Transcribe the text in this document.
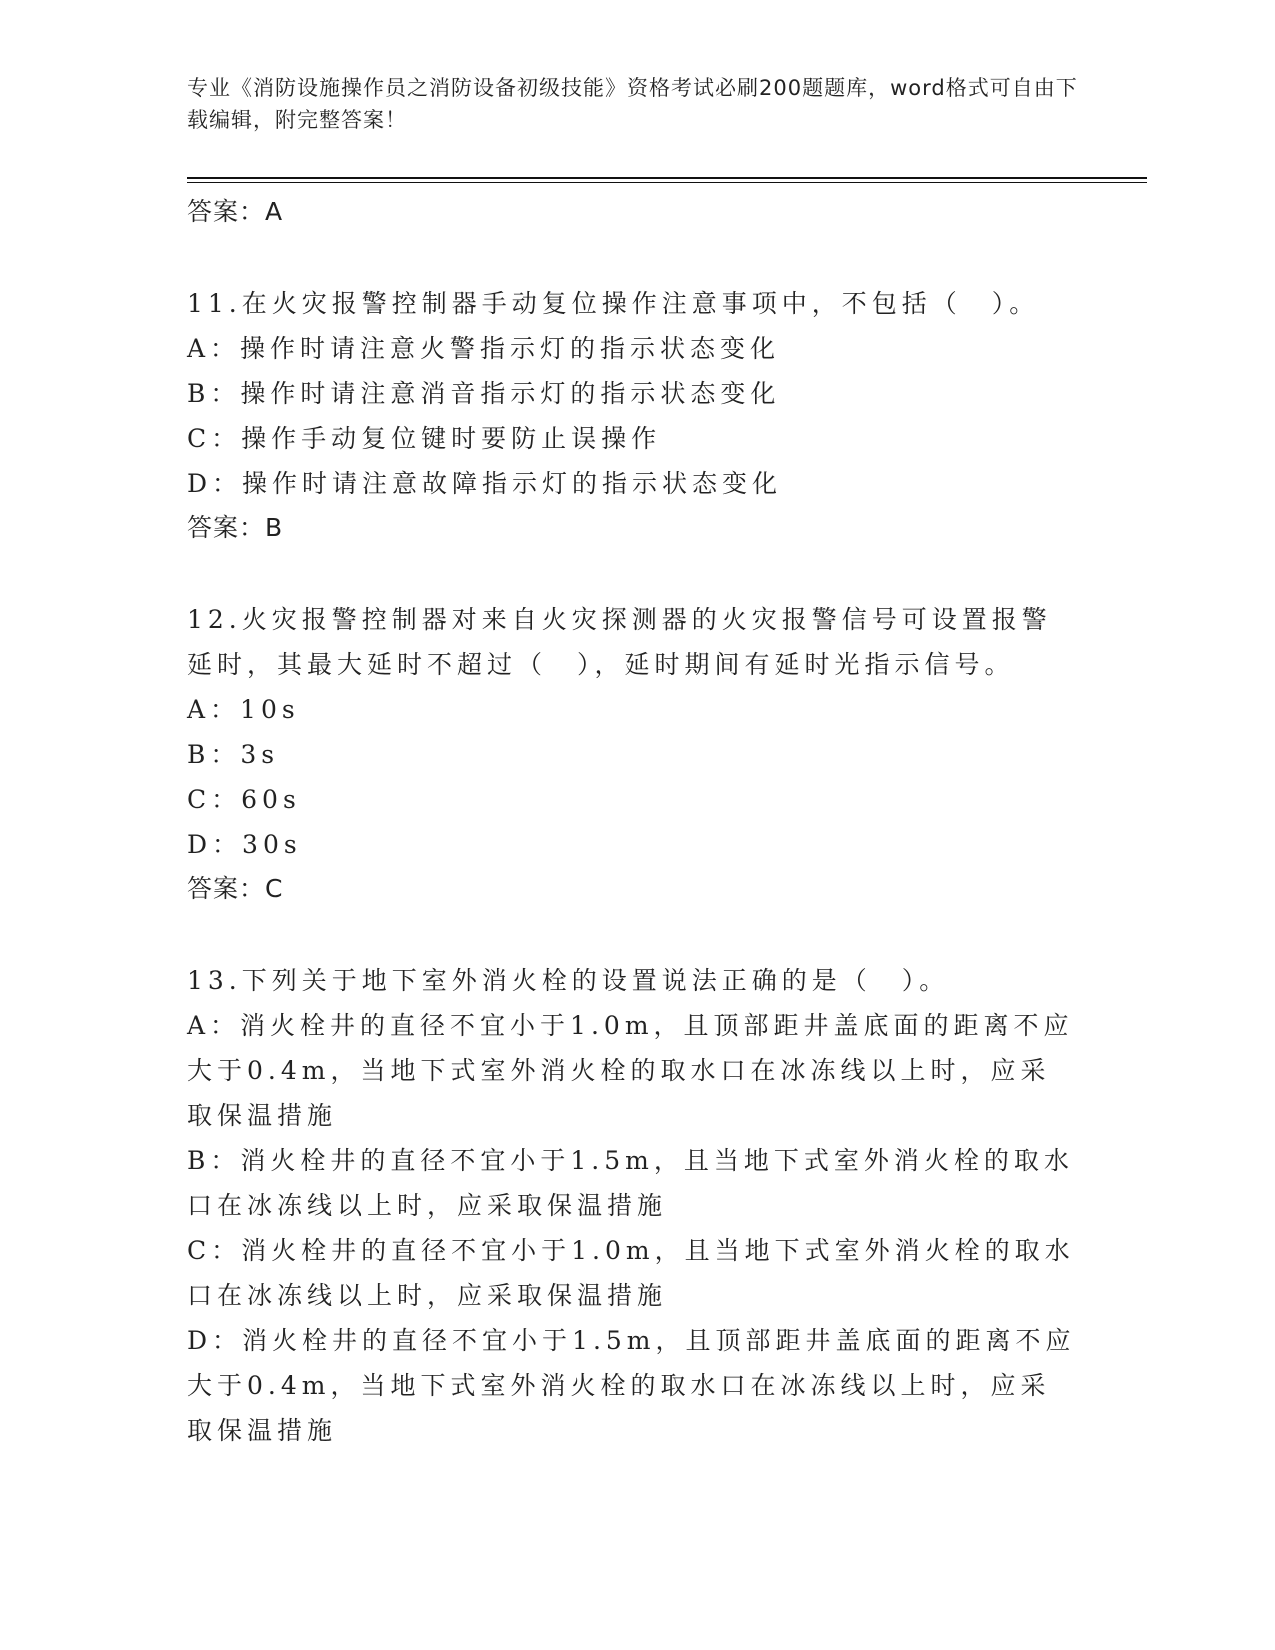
专业《消防设施操作员之消防设备初级技能》资格考试必刷200题题库，word格式可自由下载编辑，附完整答案！
答案：A
11.在火灾报警控制器手动复位操作注意事项中，不包括（　）。
A：操作时请注意火警指示灯的指示状态变化
B：操作时请注意消音指示灯的指示状态变化
C：操作手动复位键时要防止误操作
D：操作时请注意故障指示灯的指示状态变化
答案：B
12.火灾报警控制器对来自火灾探测器的火灾报警信号可设置报警延时，其最大延时不超过（　），延时期间有延时光指示信号。
A：10s
B：3s
C：60s
D：30s
答案：C
13.下列关于地下室外消火栓的设置说法正确的是（　）。
A：消火栓井的直径不宜小于1.0m，且顶部距井盖底面的距离不应大于0.4m，当地下式室外消火栓的取水口在冰冻线以上时，应采取保温措施
B：消火栓井的直径不宜小于1.5m，且当地下式室外消火栓的取水口在冰冻线以上时，应采取保温措施
C：消火栓井的直径不宜小于1.0m，且当地下式室外消火栓的取水口在冰冻线以上时，应采取保温措施
D：消火栓井的直径不宜小于1.5m，且顶部距井盖底面的距离不应大于0.4m，当地下式室外消火栓的取水口在冰冻线以上时，应采取保温措施
